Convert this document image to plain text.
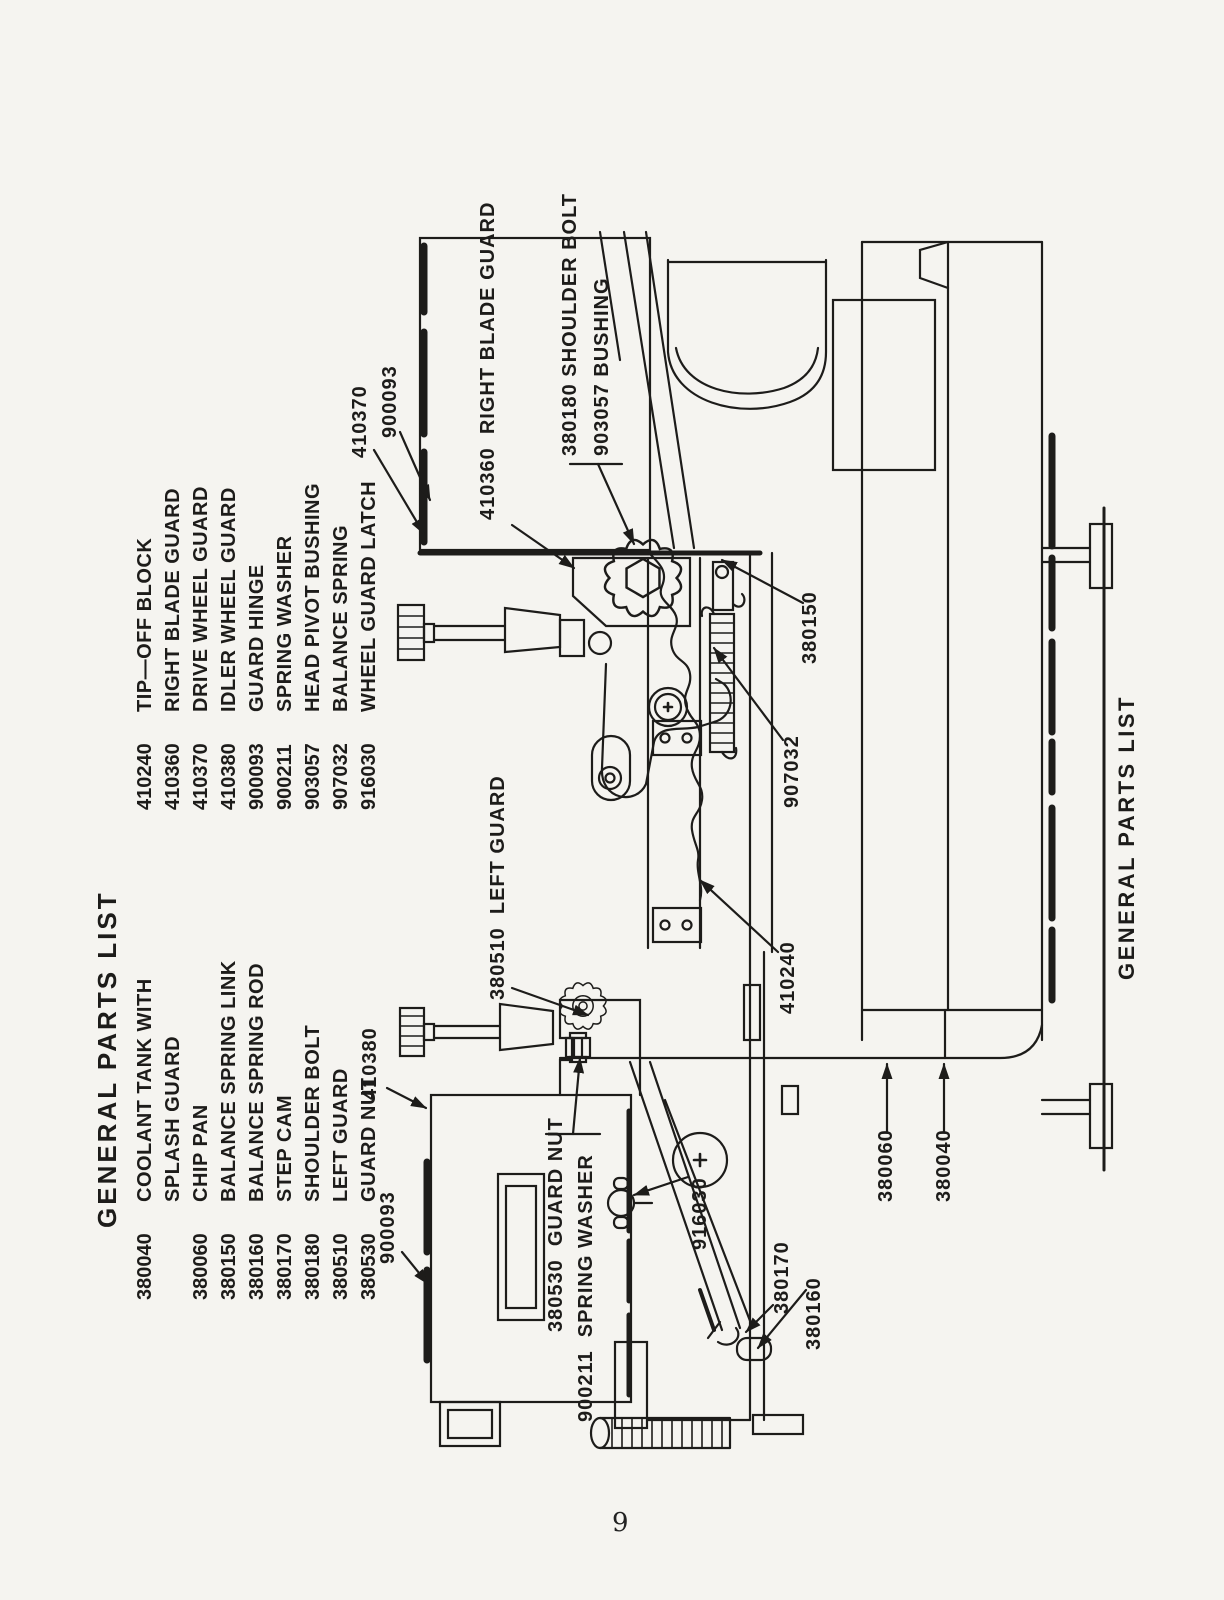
GENERAL PARTS LIST
380040COOLANT TANK WITH SPLASH GUARD
380060CHIP PAN
380150BALANCE SPRING LINK
380160BALANCE SPRING ROD
380170STEP CAM
380180SHOULDER BOLT
380510LEFT GUARD
380530GUARD NUT
410240TIP—OFF BLOCK
410360RIGHT BLADE GUARD
410370DRIVE WHEEL GUARD
410380IDLER WHEEL GUARD
900093GUARD HINGE
900211SPRING WASHER
903057HEAD PIVOT BUSHING
907032BALANCE SPRING
916030WHEEL GUARD LATCH
410370 900093	410360  RIGHT BLADE GUARD	380180 SHOULDER BOLT 903057 BUSHING
380150
907032
380510  LEFT GUARD	410240
410380
900093	380530  GUARD NUT 900211  SPRING WASHER	916030
380170 380160
380060 380040
GENERAL PARTS LIST
9
